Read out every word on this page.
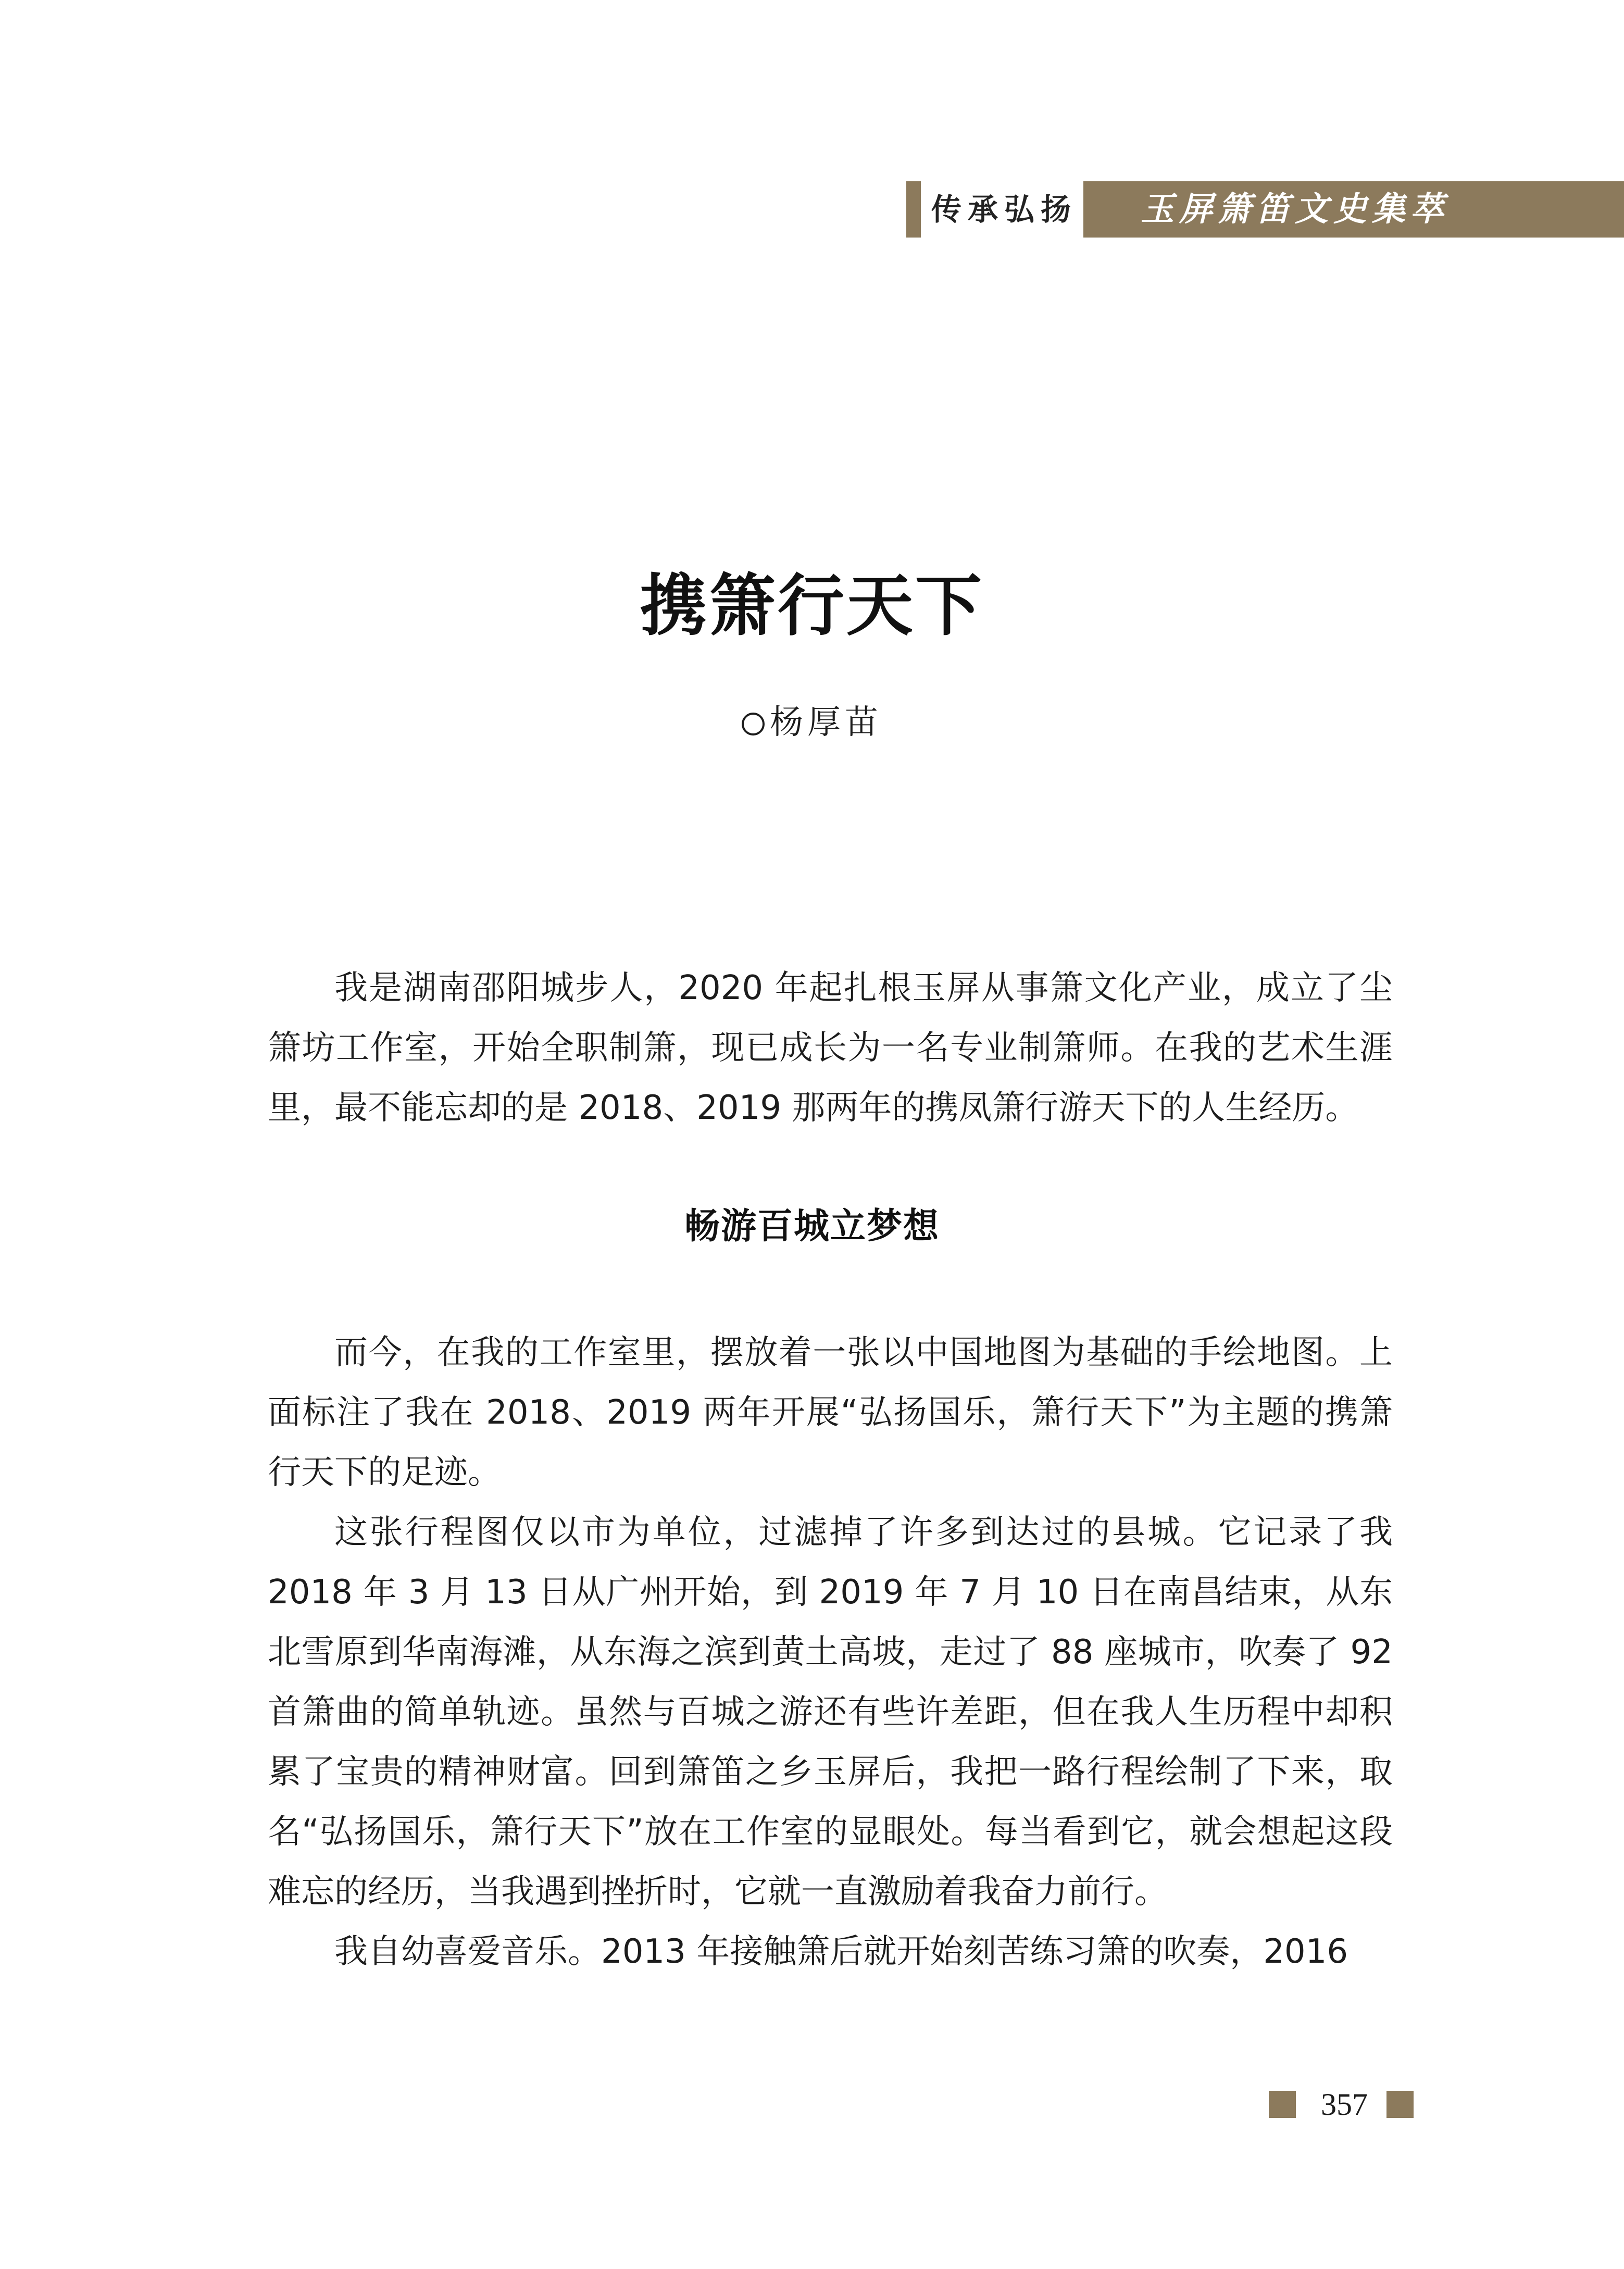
传承弘扬 玉屏箫笛文史集萃
携箫行天下
杨厚苗

我是湖南邵阳城步人，2020 年起扎根玉屏从事箫文化产业，成立了尘箫坊工作室，开始全职制箫，现已成长为一名专业制箫师。在我的艺术生涯里，最不能忘却的是 2018、2019 那两年的携凤箫行游天下的人生经历。

畅游百城立梦想

而今，在我的工作室里，摆放着一张以中国地图为基础的手绘地图。上面标注了我在 2018、2019 两年开展“弘扬国乐，箫行天下”为主题的携箫行天下的足迹。

这张行程图仅以市为单位，过滤掉了许多到达过的县城。它记录了我 2018 年 3 月 13 日从广州开始，到 2019 年 7 月 10 日在南昌结束，从东北雪原到华南海滩，从东海之滨到黄土高坡，走过了 88 座城市，吹奏了 92 首箫曲的简单轨迹。虽然与百城之游还有些许差距，但在我人生历程中却积累了宝贵的精神财富。回到箫笛之乡玉屏后，我把一路行程绘制了下来，取名“弘扬国乐，箫行天下”放在工作室的显眼处。每当看到它，就会想起这段难忘的经历，当我遇到挫折时，它就一直激励着我奋力前行。

我自幼喜爱音乐。2013 年接触箫后就开始刻苦练习箫的吹奏，2016

357
